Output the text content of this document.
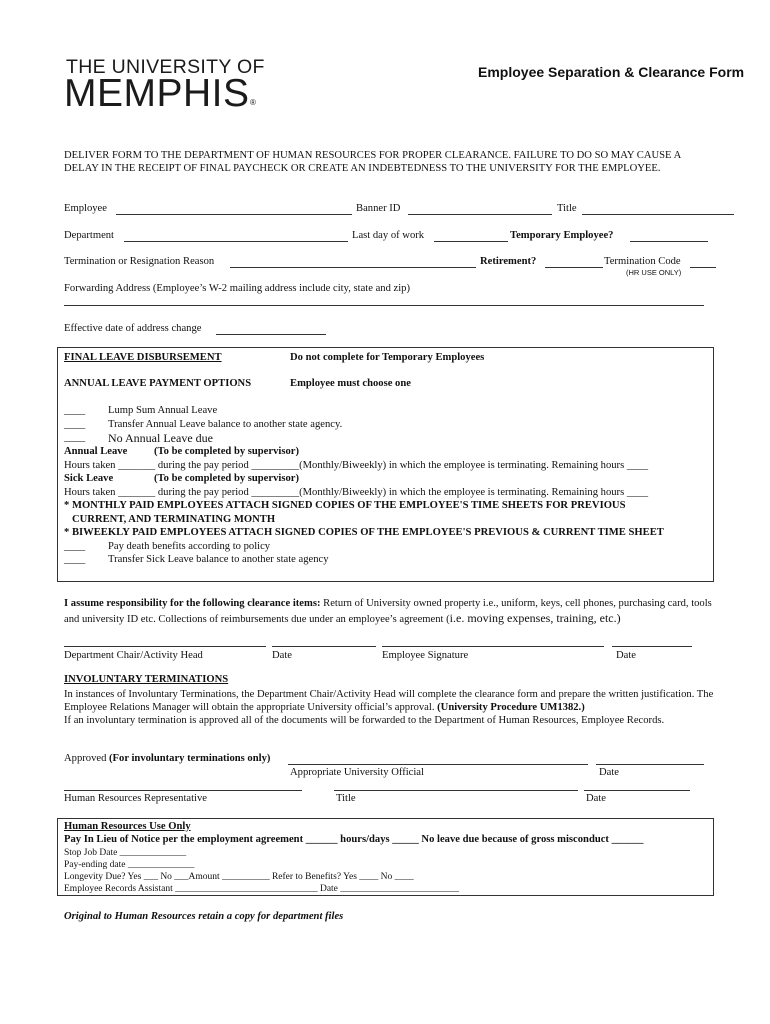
THE UNIVERSITY OF
MEMPHIS ®
Employee Separation & Clearance Form
DELIVER FORM TO THE DEPARTMENT OF HUMAN RESOURCES FOR PROPER CLEARANCE. FAILURE TO DO SO MAY CAUSE A DELAY IN THE RECEIPT OF FINAL PAYCHECK OR CREATE AN INDEBTEDNESS TO THE UNIVERSITY FOR THE EMPLOYEE.
Employee	Banner ID	Title
Department	Last day of work	Temporary Employee?
Termination or Resignation Reason	Retirement?	Termination Code
(HR USE ONLY)
Forwarding Address (Employee’s W-2 mailing address include city, state and zip)
Effective date of address change
FINAL LEAVE DISBURSEMENT	Do not complete for Temporary Employees
ANNUAL LEAVE PAYMENT OPTIONS	Employee must choose one
____ Lump Sum Annual Leave
____ Transfer Annual Leave balance to another state agency.
____ No Annual Leave due
Annual Leave	(To be completed by supervisor)
Hours taken _______ during the pay period _________(Monthly/Biweekly) in which the employee is terminating. Remaining hours ____
Sick Leave	(To be completed by supervisor)
Hours taken _______ during the pay period _________(Monthly/Biweekly) in which the employee is terminating. Remaining hours ____
* MONTHLY PAID EMPLOYEES ATTACH SIGNED COPIES OF THE EMPLOYEE'S TIME SHEETS FOR PREVIOUS
CURRENT, AND TERMINATING MONTH
* BIWEEKLY PAID EMPLOYEES ATTACH SIGNED COPIES OF THE EMPLOYEE'S PREVIOUS & CURRENT TIME SHEET
____ Pay death benefits according to policy
____ Transfer Sick Leave balance to another state agency
I assume responsibility for the following clearance items: Return of University owned property i.e., uniform, keys, cell phones, purchasing card, tools and university ID etc. Collections of reimbursements due under an employee’s agreement (i.e. moving expenses, training, etc.)
Department Chair/Activity Head	Date	Employee Signature	Date
INVOLUNTARY TERMINATIONS
In instances of Involuntary Terminations, the Department Chair/Activity Head will complete the clearance form and prepare the written justification. The Employee Relations Manager will obtain the appropriate University official’s approval. (University Procedure UM1382.)
If an involuntary termination is approved all of the documents will be forwarded to the Department of Human Resources, Employee Records.
Approved (For involuntary terminations only)
Appropriate University Official	Date
Human Resources Representative	Title	Date
Human Resources Use Only
Pay In Lieu of Notice per the employment agreement ______ hours/days _____ No leave due because of gross misconduct ______
Stop Job Date ______________
Pay-ending date ______________
Longevity Due? Yes ___ No ___Amount __________ Refer to Benefits? Yes ____ No ____
Employee Records Assistant ______________________________ Date _________________________
Original to Human Resources retain a copy for department files
